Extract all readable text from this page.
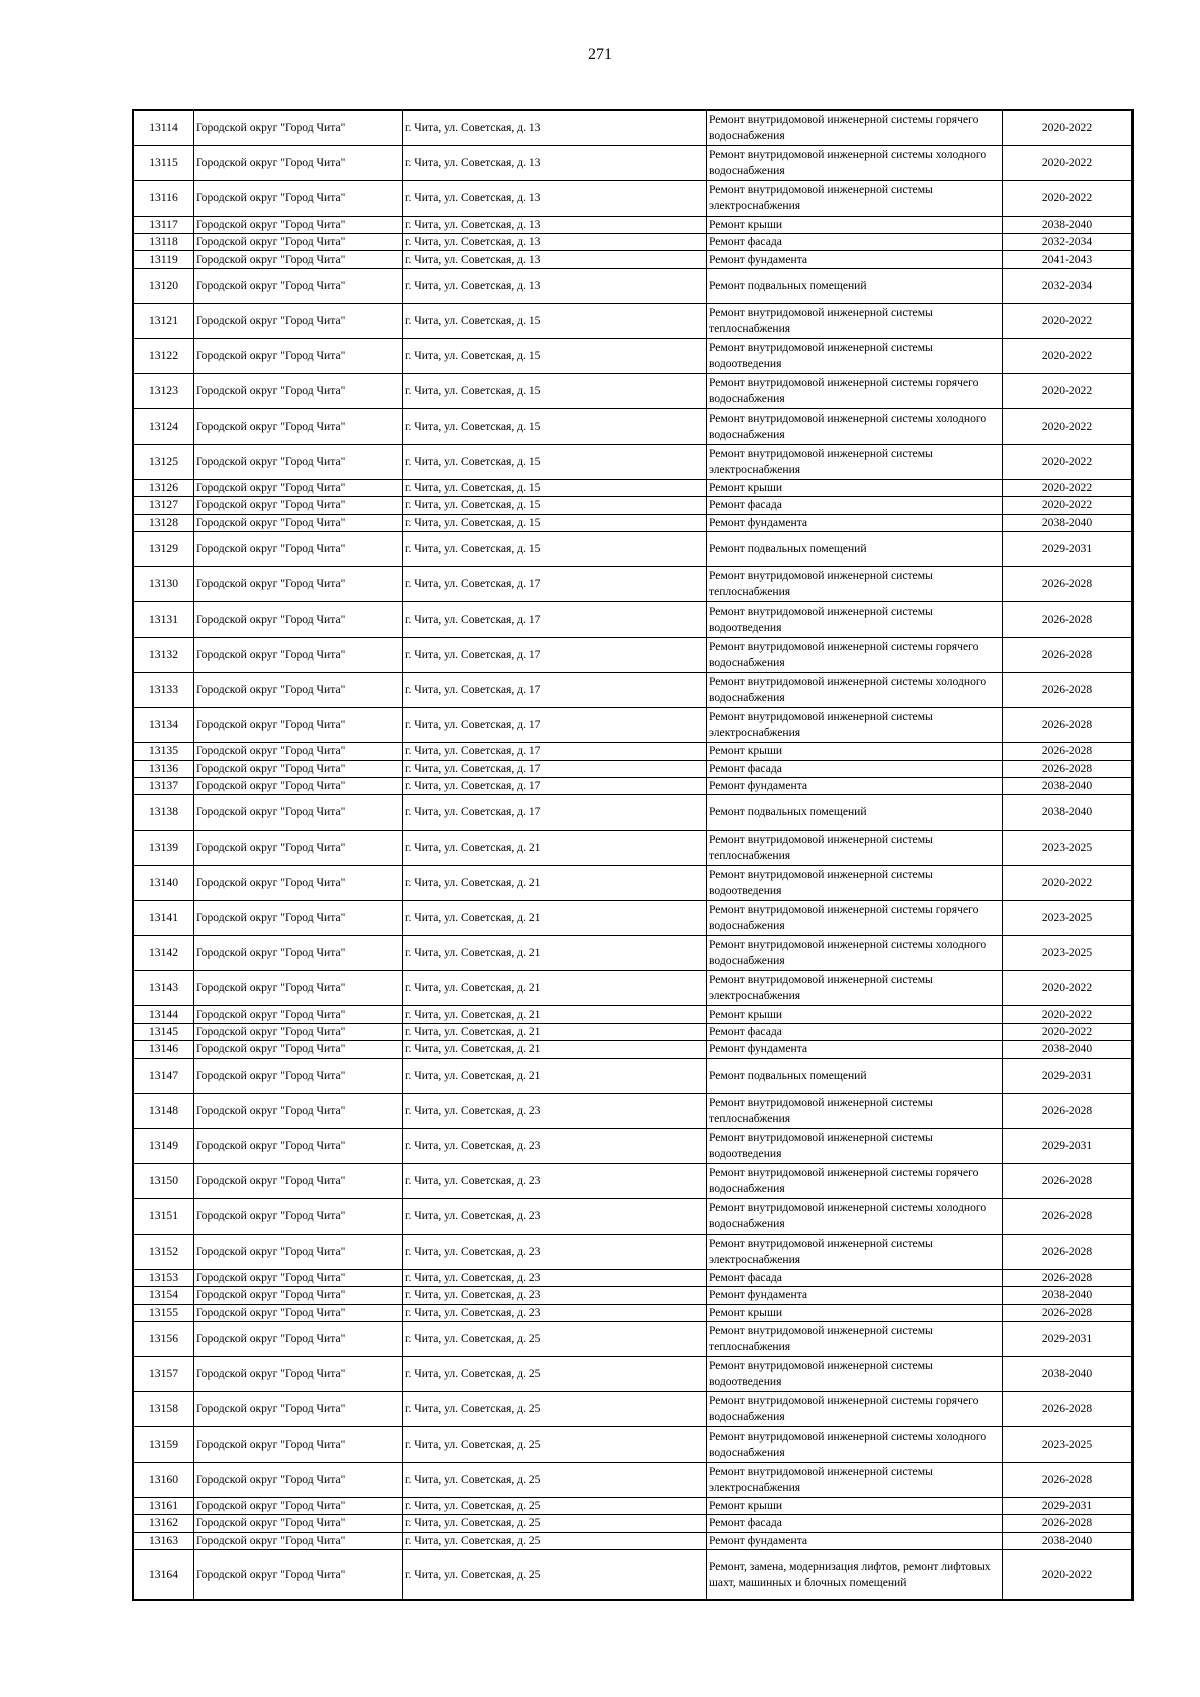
271
13114	Городской округ "Город Чита"	г. Чита, ул. Советская, д. 13	Ремонт внутридомовой инженерной системы горячего водоснабжения	2020-2022
13115	Городской округ "Город Чита"	г. Чита, ул. Советская, д. 13	Ремонт внутридомовой инженерной системы холодного водоснабжения	2020-2022
13116	Городской округ "Город Чита"	г. Чита, ул. Советская, д. 13	Ремонт внутридомовой инженерной системы электроснабжения	2020-2022
13117	Городской округ "Город Чита"	г. Чита, ул. Советская, д. 13	Ремонт крыши	2038-2040
13118	Городской округ "Город Чита"	г. Чита, ул. Советская, д. 13	Ремонт фасада	2032-2034
13119	Городской округ "Город Чита"	г. Чита, ул. Советская, д. 13	Ремонт фундамента	2041-2043
13120	Городской округ "Город Чита"	г. Чита, ул. Советская, д. 13	Ремонт подвальных помещений	2032-2034
13121	Городской округ "Город Чита"	г. Чита, ул. Советская, д. 15	Ремонт внутридомовой инженерной системы теплоснабжения	2020-2022
13122	Городской округ "Город Чита"	г. Чита, ул. Советская, д. 15	Ремонт внутридомовой инженерной системы водоотведения	2020-2022
13123	Городской округ "Город Чита"	г. Чита, ул. Советская, д. 15	Ремонт внутридомовой инженерной системы горячего водоснабжения	2020-2022
13124	Городской округ "Город Чита"	г. Чита, ул. Советская, д. 15	Ремонт внутридомовой инженерной системы холодного водоснабжения	2020-2022
13125	Городской округ "Город Чита"	г. Чита, ул. Советская, д. 15	Ремонт внутридомовой инженерной системы электроснабжения	2020-2022
13126	Городской округ "Город Чита"	г. Чита, ул. Советская, д. 15	Ремонт крыши	2020-2022
13127	Городской округ "Город Чита"	г. Чита, ул. Советская, д. 15	Ремонт фасада	2020-2022
13128	Городской округ "Город Чита"	г. Чита, ул. Советская, д. 15	Ремонт фундамента	2038-2040
13129	Городской округ "Город Чита"	г. Чита, ул. Советская, д. 15	Ремонт подвальных помещений	2029-2031
13130	Городской округ "Город Чита"	г. Чита, ул. Советская, д. 17	Ремонт внутридомовой инженерной системы теплоснабжения	2026-2028
13131	Городской округ "Город Чита"	г. Чита, ул. Советская, д. 17	Ремонт внутридомовой инженерной системы водоотведения	2026-2028
13132	Городской округ "Город Чита"	г. Чита, ул. Советская, д. 17	Ремонт внутридомовой инженерной системы горячего водоснабжения	2026-2028
13133	Городской округ "Город Чита"	г. Чита, ул. Советская, д. 17	Ремонт внутридомовой инженерной системы холодного водоснабжения	2026-2028
13134	Городской округ "Город Чита"	г. Чита, ул. Советская, д. 17	Ремонт внутридомовой инженерной системы электроснабжения	2026-2028
13135	Городской округ "Город Чита"	г. Чита, ул. Советская, д. 17	Ремонт крыши	2026-2028
13136	Городской округ "Город Чита"	г. Чита, ул. Советская, д. 17	Ремонт фасада	2026-2028
13137	Городской округ "Город Чита"	г. Чита, ул. Советская, д. 17	Ремонт фундамента	2038-2040
13138	Городской округ "Город Чита"	г. Чита, ул. Советская, д. 17	Ремонт подвальных помещений	2038-2040
13139	Городской округ "Город Чита"	г. Чита, ул. Советская, д. 21	Ремонт внутридомовой инженерной системы теплоснабжения	2023-2025
13140	Городской округ "Город Чита"	г. Чита, ул. Советская, д. 21	Ремонт внутридомовой инженерной системы водоотведения	2020-2022
13141	Городской округ "Город Чита"	г. Чита, ул. Советская, д. 21	Ремонт внутридомовой инженерной системы горячего водоснабжения	2023-2025
13142	Городской округ "Город Чита"	г. Чита, ул. Советская, д. 21	Ремонт внутридомовой инженерной системы холодного водоснабжения	2023-2025
13143	Городской округ "Город Чита"	г. Чита, ул. Советская, д. 21	Ремонт внутридомовой инженерной системы электроснабжения	2020-2022
13144	Городской округ "Город Чита"	г. Чита, ул. Советская, д. 21	Ремонт крыши	2020-2022
13145	Городской округ "Город Чита"	г. Чита, ул. Советская, д. 21	Ремонт фасада	2020-2022
13146	Городской округ "Город Чита"	г. Чита, ул. Советская, д. 21	Ремонт фундамента	2038-2040
13147	Городской округ "Город Чита"	г. Чита, ул. Советская, д. 21	Ремонт подвальных помещений	2029-2031
13148	Городской округ "Город Чита"	г. Чита, ул. Советская, д. 23	Ремонт внутридомовой инженерной системы теплоснабжения	2026-2028
13149	Городской округ "Город Чита"	г. Чита, ул. Советская, д. 23	Ремонт внутридомовой инженерной системы водоотведения	2029-2031
13150	Городской округ "Город Чита"	г. Чита, ул. Советская, д. 23	Ремонт внутридомовой инженерной системы горячего водоснабжения	2026-2028
13151	Городской округ "Город Чита"	г. Чита, ул. Советская, д. 23	Ремонт внутридомовой инженерной системы холодного водоснабжения	2026-2028
13152	Городской округ "Город Чита"	г. Чита, ул. Советская, д. 23	Ремонт внутридомовой инженерной системы электроснабжения	2026-2028
13153	Городской округ "Город Чита"	г. Чита, ул. Советская, д. 23	Ремонт фасада	2026-2028
13154	Городской округ "Город Чита"	г. Чита, ул. Советская, д. 23	Ремонт фундамента	2038-2040
13155	Городской округ "Город Чита"	г. Чита, ул. Советская, д. 23	Ремонт крыши	2026-2028
13156	Городской округ "Город Чита"	г. Чита, ул. Советская, д. 25	Ремонт внутридомовой инженерной системы теплоснабжения	2029-2031
13157	Городской округ "Город Чита"	г. Чита, ул. Советская, д. 25	Ремонт внутридомовой инженерной системы водоотведения	2038-2040
13158	Городской округ "Город Чита"	г. Чита, ул. Советская, д. 25	Ремонт внутридомовой инженерной системы горячего водоснабжения	2026-2028
13159	Городской округ "Город Чита"	г. Чита, ул. Советская, д. 25	Ремонт внутридомовой инженерной системы холодного водоснабжения	2023-2025
13160	Городской округ "Город Чита"	г. Чита, ул. Советская, д. 25	Ремонт внутридомовой инженерной системы электроснабжения	2026-2028
13161	Городской округ "Город Чита"	г. Чита, ул. Советская, д. 25	Ремонт крыши	2029-2031
13162	Городской округ "Город Чита"	г. Чита, ул. Советская, д. 25	Ремонт фасада	2026-2028
13163	Городской округ "Город Чита"	г. Чита, ул. Советская, д. 25	Ремонт фундамента	2038-2040
13164	Городской округ "Город Чита"	г. Чита, ул. Советская, д. 25	Ремонт, замена, модернизация лифтов, ремонт лифтовых шахт, машинных и блочных помещений	2020-2022
